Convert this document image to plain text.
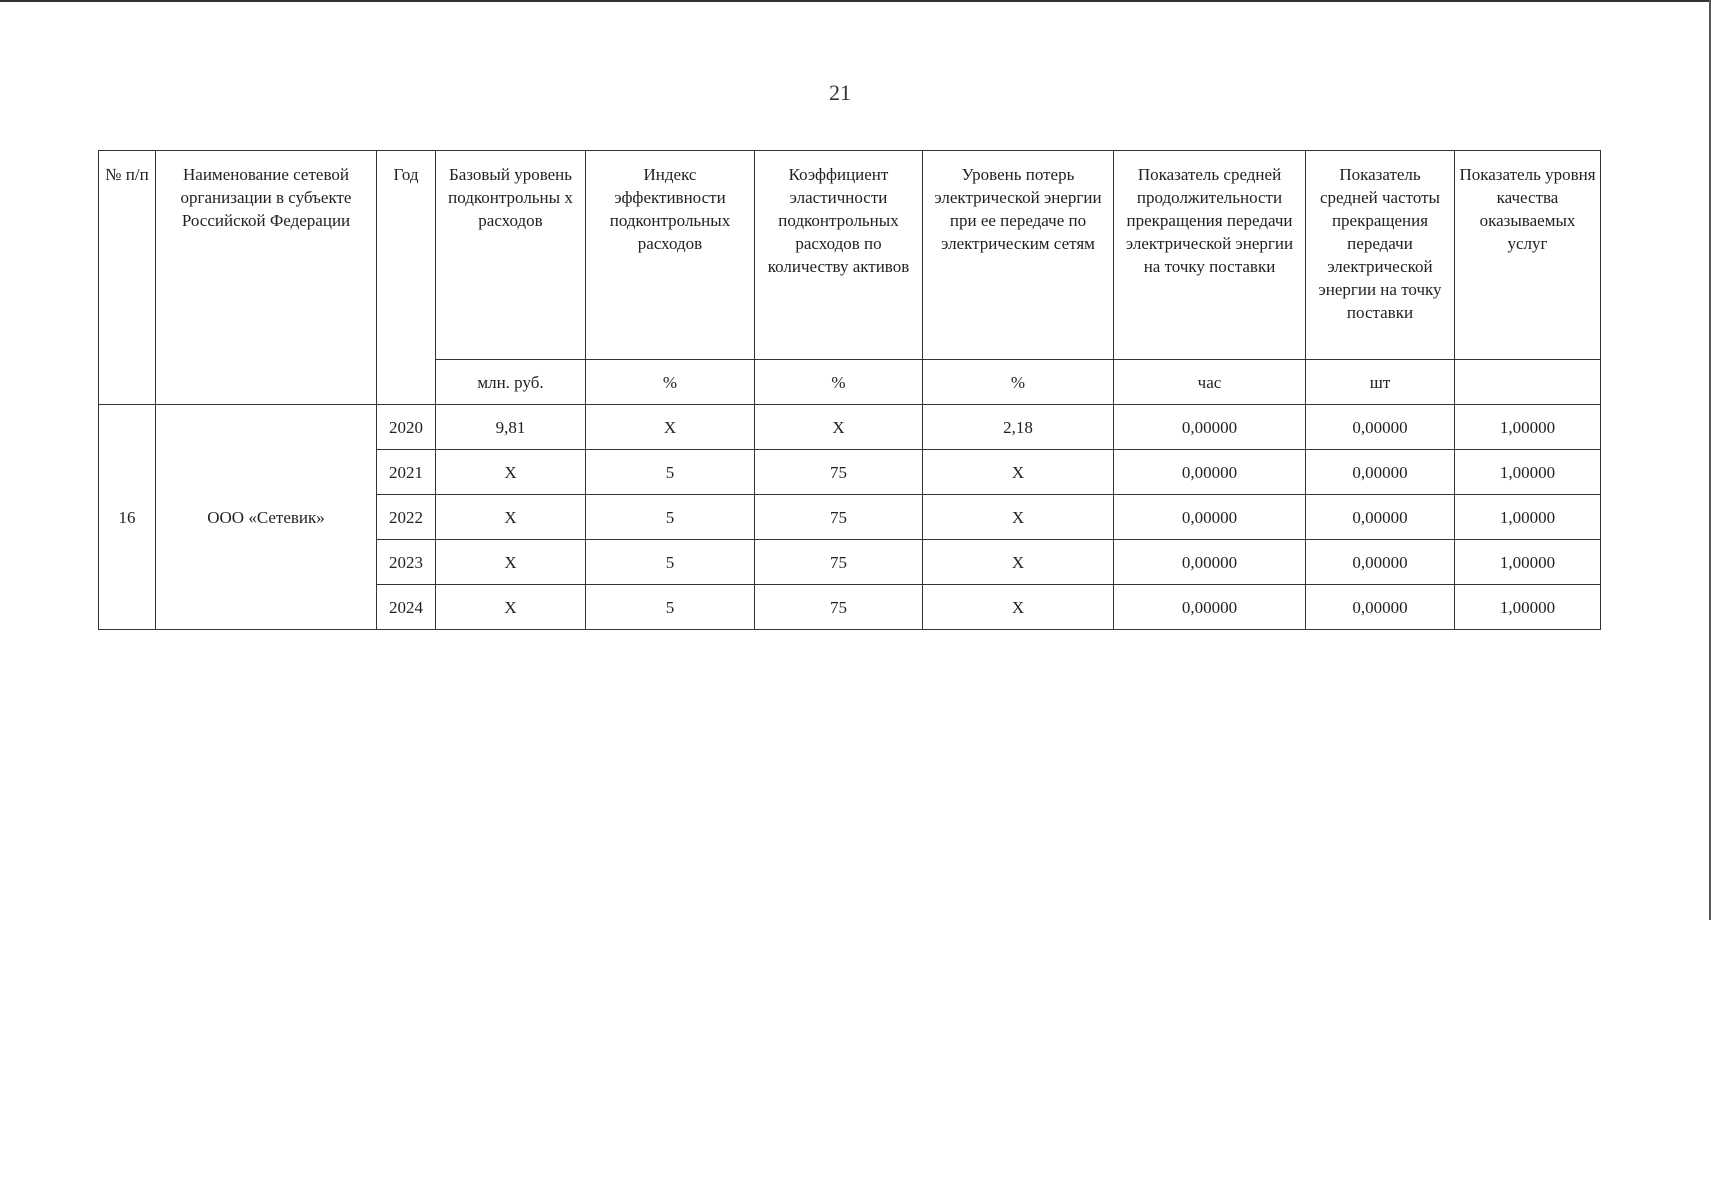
21
№ п/п	Наименование сетевой организации в субъекте Российской Федерации	Год	Базовый уровень подконтрольны х расходов	Индекс эффективности подконтрольных расходов	Коэффициент эластичности подконтрольных расходов по количеству активов	Уровень потерь электрической энергии при ее передаче по электрическим сетям	Показатель средней продолжительности прекращения передачи электрической энергии на точку поставки	Показатель средней частоты прекращения передачи электрической энергии на точку поставки	Показатель уровня качества оказываемых услуг
			млн. руб.	%	%	%	час	шт	
16	ООО «Сетевик»	2020	9,81	X	X	2,18	0,00000	0,00000	1,00000
		2021	X	5	75	X	0,00000	0,00000	1,00000
		2022	X	5	75	X	0,00000	0,00000	1,00000
		2023	X	5	75	X	0,00000	0,00000	1,00000
		2024	X	5	75	X	0,00000	0,00000	1,00000
